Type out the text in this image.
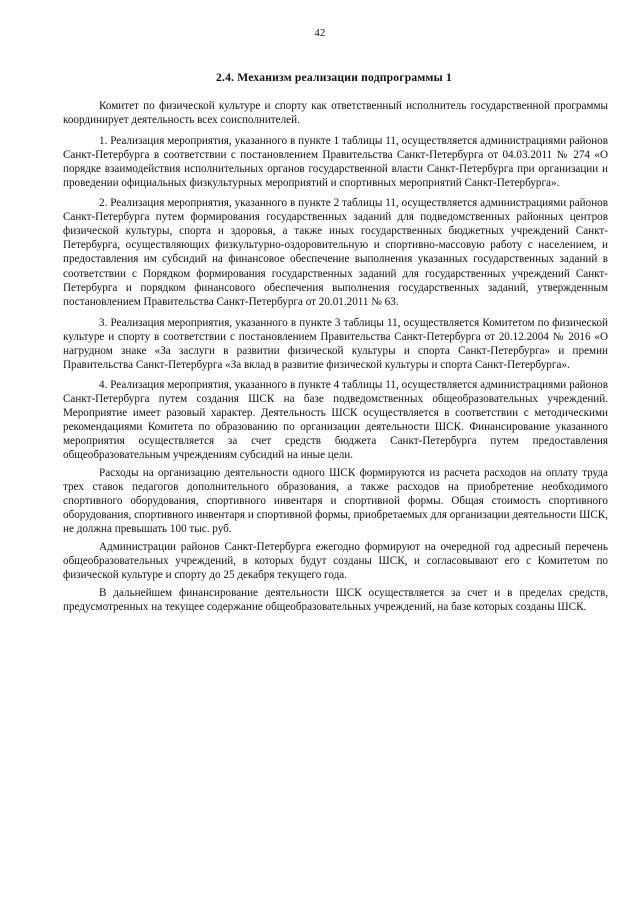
42
2.4. Механизм реализации подпрограммы 1

Комитет по физической культуре и спорту как ответственный исполнитель государственной программы координирует деятельность всех соисполнителей.

1. Реализация мероприятия, указанного в пункте 1 таблицы 11, осуществляется администрациями районов Санкт-Петербурга в соответствии с постановлением Правительства Санкт-Петербурга от 04.03.2011 № 274 «О порядке взаимодействия исполнительных органов государственной власти Санкт-Петербурга при организации и проведении официальных физкультурных мероприятий и спортивных мероприятий Санкт-Петербурга».

2. Реализация мероприятия, указанного в пункте 2 таблицы 11, осуществляется администрациями районов Санкт-Петербурга путем формирования государственных заданий для подведомственных районных центров физической культуры, спорта и здоровья, а также иных государственных бюджетных учреждений Санкт-Петербурга, осуществляющих физкультурно-оздоровительную и спортивно-массовую работу с населением, и предоставления им субсидий на финансовое обеспечение выполнения указанных государственных заданий в соответствии с Порядком формирования государственных заданий для государственных учреждений Санкт-Петербурга и порядком финансового обеспечения выполнения государственных заданий, утвержденным постановлением Правительства Санкт-Петербурга от 20.01.2011 № 63.

3. Реализация мероприятия, указанного в пункте 3 таблицы 11, осуществляется Комитетом по физической культуре и спорту в соответствии с постановлением Правительства Санкт-Петербурга от 20.12.2004 № 2016 «О нагрудном знаке «За заслуги в развитии физической культуры и спорта Санкт-Петербурга» и премии Правительства Санкт-Петербурга «За вклад в развитие физической культуры и спорта Санкт-Петербурга».

4. Реализация мероприятия, указанного в пункте 4 таблицы 11, осуществляется администрациями районов Санкт-Петербурга путем создания ШСК на базе подведомственных общеобразовательных учреждений. Мероприятие имеет разовый характер. Деятельность ШСК осуществляется в соответствии с методическими рекомендациями Комитета по образованию по организации деятельности ШСК. Финансирование указанного мероприятия осуществляется за счет средств бюджета Санкт-Петербурга путем предоставления общеобразовательным учреждениям субсидий на иные цели.

Расходы на организацию деятельности одного ШСК формируются из расчета расходов на оплату труда трех ставок педагогов дополнительного образования, а также расходов на приобретение необходимого спортивного оборудования, спортивного инвентаря и спортивной формы. Общая стоимость спортивного оборудования, спортивного инвентаря и спортивной формы, приобретаемых для организации деятельности ШСК, не должна превышать 100 тыс. руб.

Администрации районов Санкт-Петербурга ежегодно формируют на очередной год адресный перечень общеобразовательных учреждений, в которых будут созданы ШСК, и согласовывают его с Комитетом по физической культуре и спорту до 25 декабря текущего года.

В дальнейшем финансирование деятельности ШСК осуществляется за счет и в пределах средств, предусмотренных на текущее содержание общеобразовательных учреждений, на базе которых созданы ШСК.
